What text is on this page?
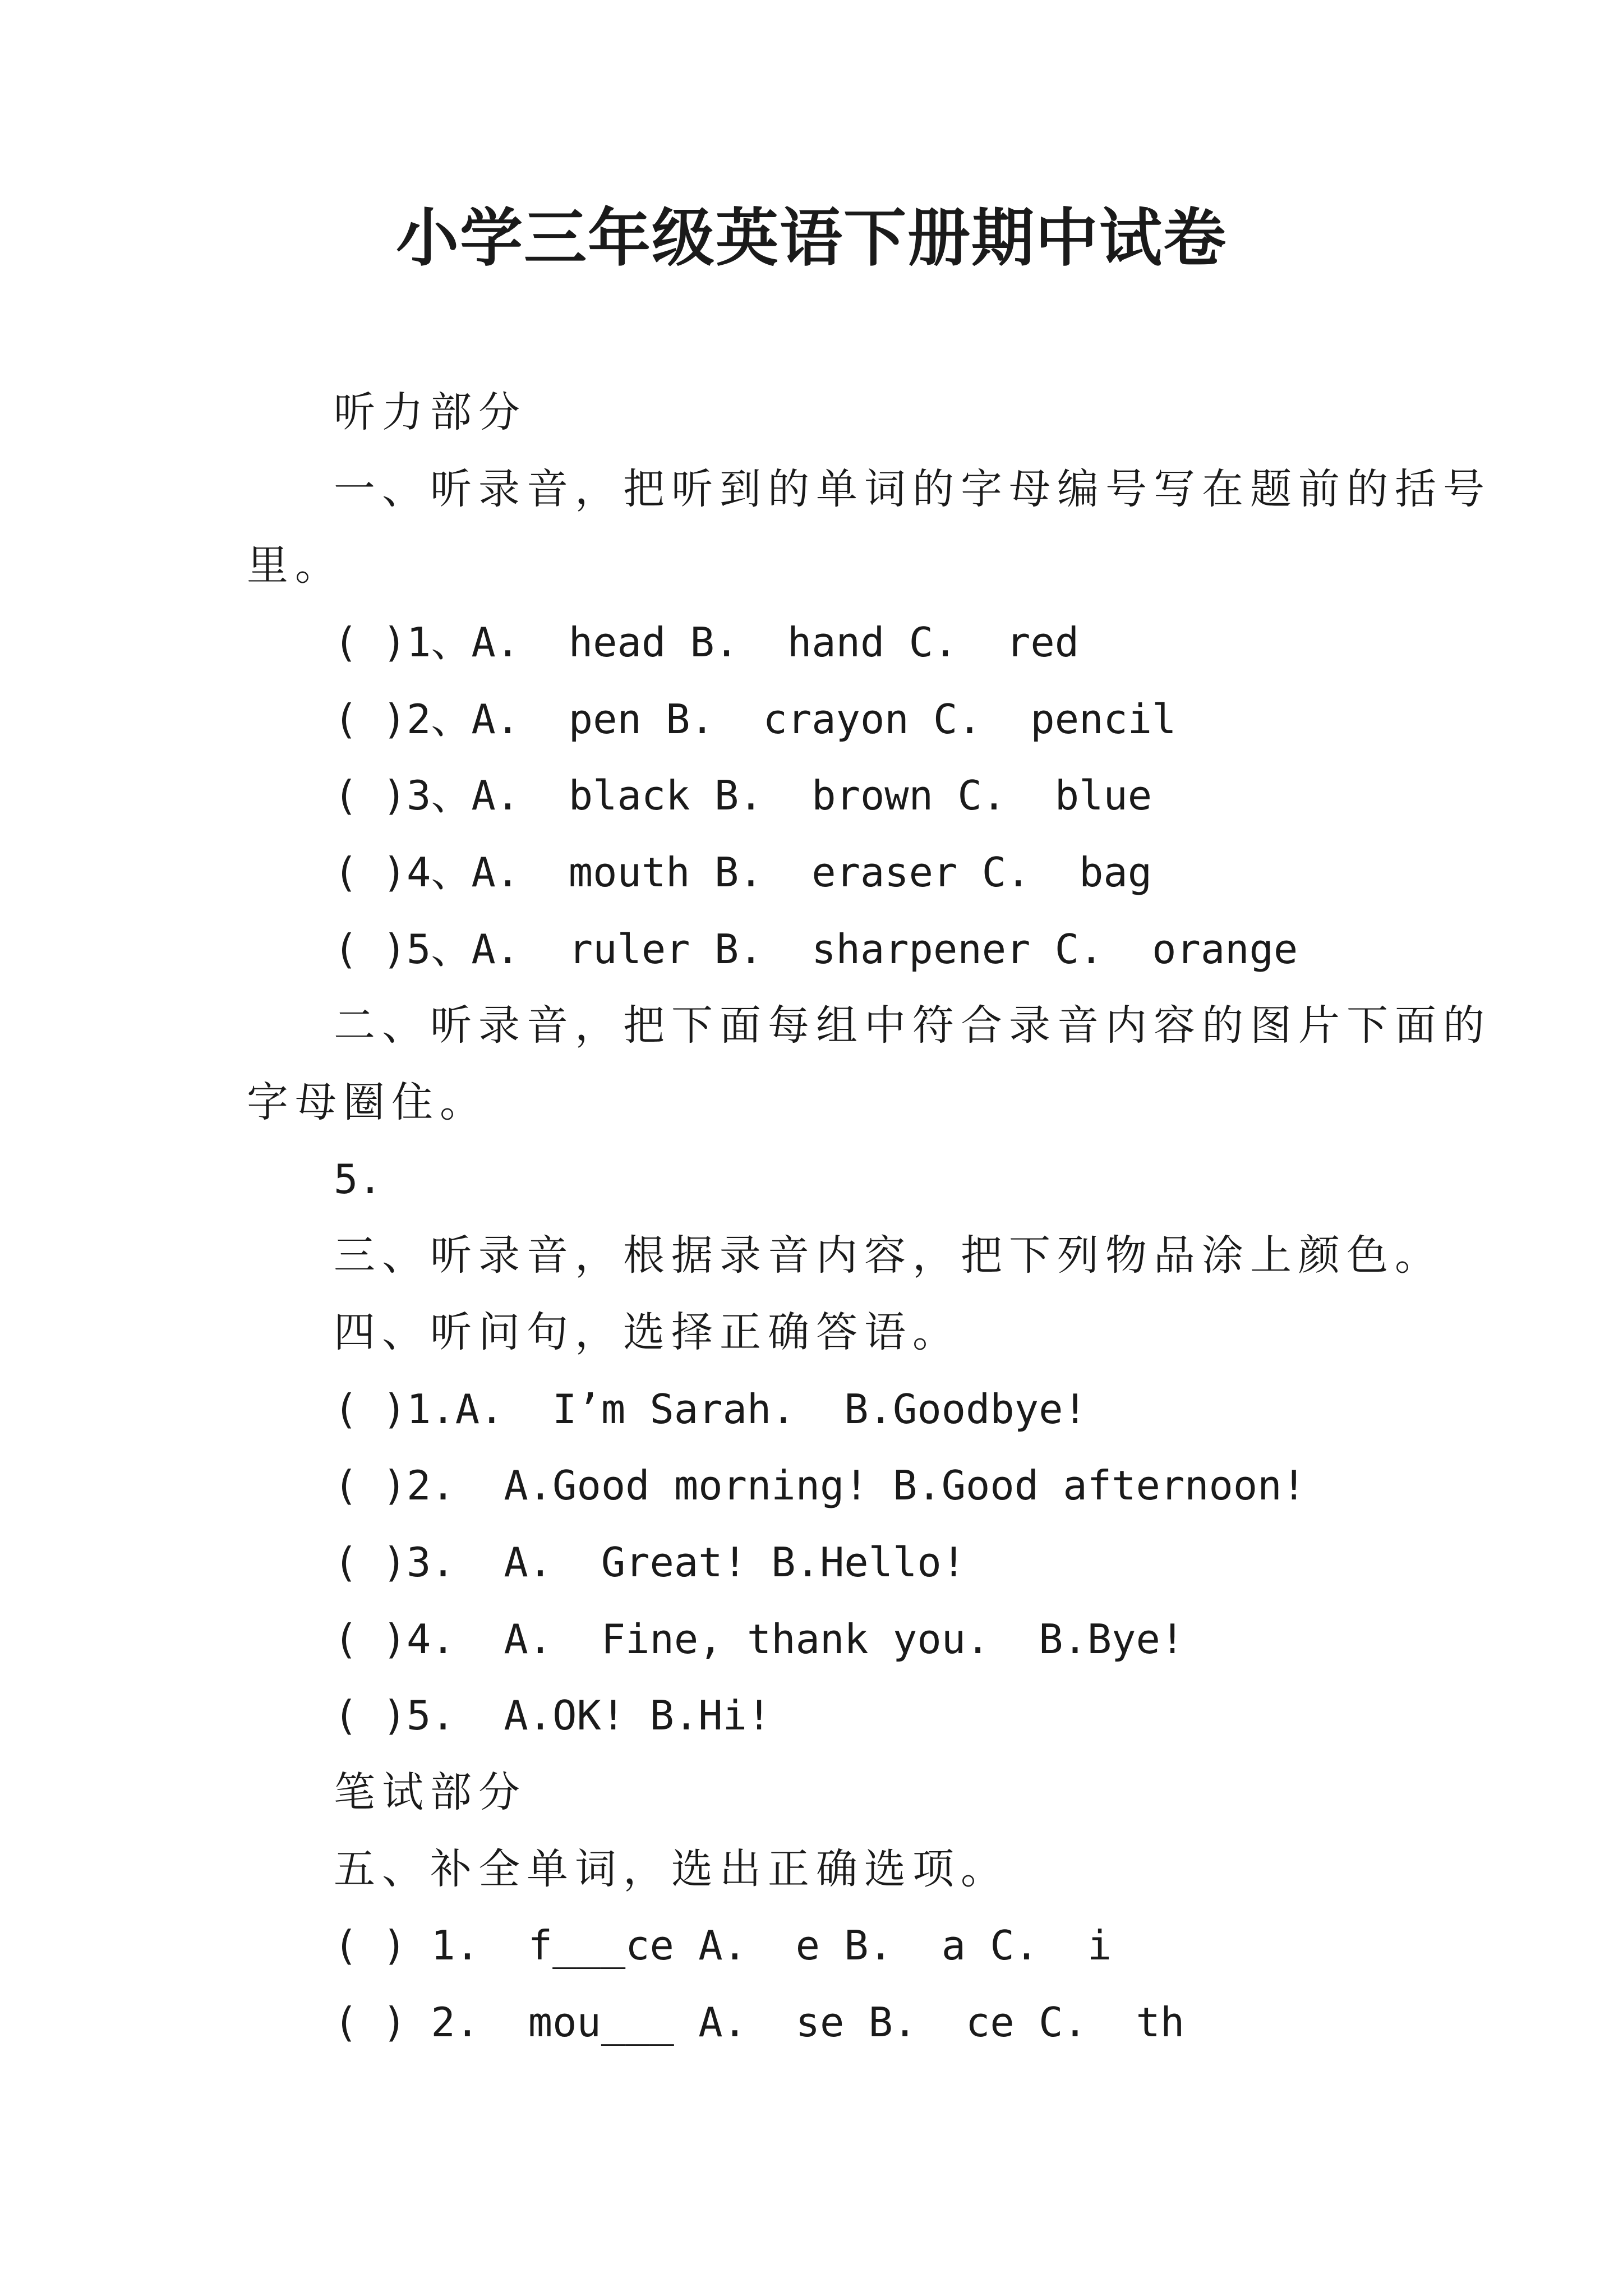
小学三年级英语下册期中试卷
听力部分
一、听录音，把听到的单词的字母编号写在题前的括号
里。
( )1、A.  head B.  hand C.  red
( )2、A.  pen B.  crayon C.  pencil
( )3、A.  black B.  brown C.  blue
( )4、A.  mouth B.  eraser C.  bag
( )5、A.  ruler B.  sharpener C.  orange
二、听录音，把下面每组中符合录音内容的图片下面的
字母圈住。
5.
三、听录音，根据录音内容，把下列物品涂上颜色。
四、听问句，选择正确答语。
( )1.A.  I’m Sarah.  B.Goodbye!
( )2.  A.Good morning! B.Good afternoon!
( )3.  A.  Great! B.Hello!
( )4.  A.  Fine, thank you.  B.Bye!
( )5.  A.OK! B.Hi!
笔试部分
五、补全单词，选出正确选项。
( ) 1.  f___ce A.  e B.  a C.  i
( ) 2.  mou___ A.  se B.  ce C.  th
